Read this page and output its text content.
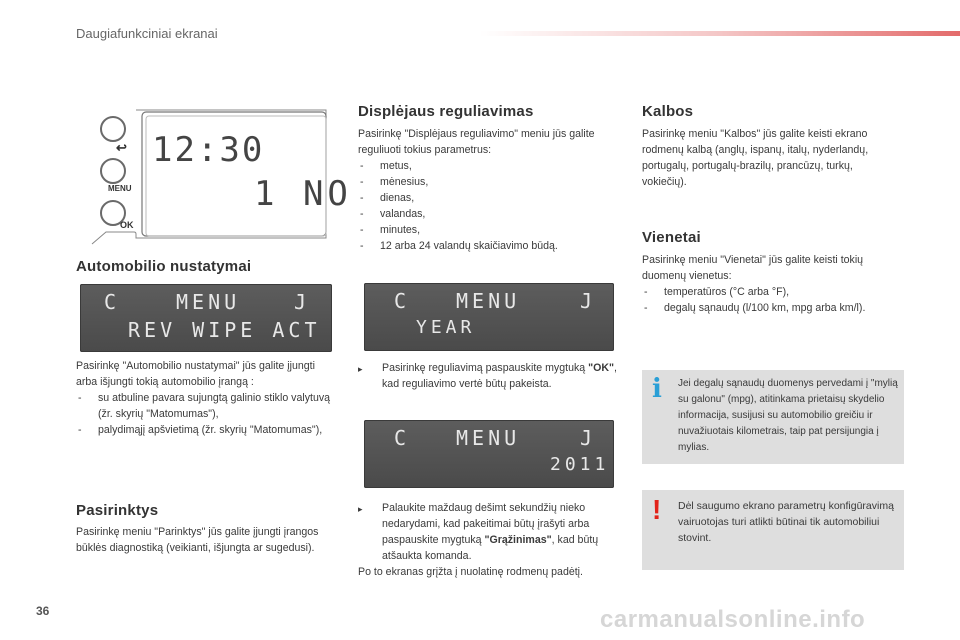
Daugiafunkciniai ekranai
↩
MENU
OK
12:30
1 NO
Automobilio nustatymai
C	MENU	J
REV WIPE ACT
Pasirinkę "Automobilio nustatymai" jūs galite įjungti arba išjungti tokią automobilio įrangą :
- su atbuline pavara sujungtą galinio stiklo valytuvą (žr. skyrių "Matomumas"),
- palydimąjį apšvietimą (žr. skyrių "Matomumas"),
Pasirinktys
Pasirinkę meniu "Parinktys" jūs galite įjungti įrangos būklės diagnostiką (veikianti, išjungta ar sugedusi).
Displėjaus reguliavimas
Pasirinkę "Displėjaus reguliavimo" meniu jūs galite reguliuoti tokius parametrus:
- metus,
- mėnesius,
- dienas,
- valandas,
- minutes,
- 12 arba 24 valandų skaičiavimo būdą.
C MENU	J
YEAR
▸ Pasirinkę reguliavimą paspauskite mygtuką "OK", kad reguliavimo vertė būtų pakeista.
C MENU	J
2011
▸ Palaukite maždaug dešimt sekundžių nieko nedarydami, kad pakeitimai būtų įrašyti arba paspauskite mygtuką "Grąžinimas", kad būtų atšaukta komanda.
Po to ekranas grįžta į nuolatinę rodmenų padėtį.
Kalbos
Pasirinkę meniu "Kalbos" jūs galite keisti ekrano rodmenų kalbą (anglų, ispanų, italų, nyderlandų, portugalų, portugalų-brazilų, prancūzų, turkų, vokiečių).
Vienetai
Pasirinkę meniu "Vienetai" jūs galite keisti tokių duomenų vienetus:
- temperatūros (°C arba °F),
- degalų sąnaudų (l/100 km, mpg arba km/l).
i Jei degalų sąnaudų duomenys pervedami į "mylią su galonu" (mpg), atitinkama prietaisų skydelio informacija, susijusi su automobilio greičiu ir nuvažiuotais kilometrais, taip pat persijungia į mylias.
! Dėl saugumo ekrano parametrų konfigūravimą vairuotojas turi atlikti būtinai tik automobiliui stovint.
36	carmanualsonline.info
